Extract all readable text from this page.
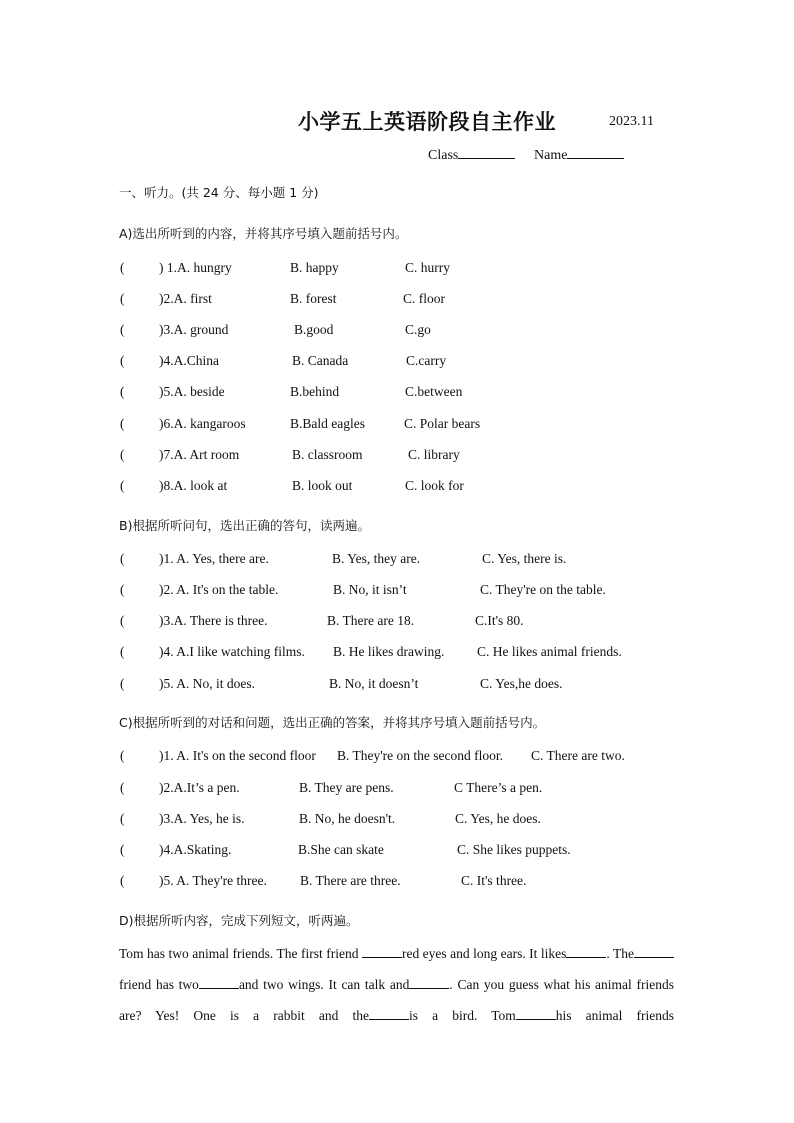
小学五上英语阶段自主作业	2023.11
Class	Name
一、听力。(共 24 分、每小题 1 分)
A)选出所听到的内容，并将其序号填入题前括号内。
(	) 1.A. hungry	B. happy	C. hurry
(	)2.A. first	B. forest	C. floor
(	)3.A. ground	B.good	C.go
(	)4.A.China	B. Canada	C.carry
(	)5.A. beside	B.behind	C.between
(	)6.A. kangaroos	B.Bald eagles	C. Polar bears
(	)7.A. Art room	B. classroom	C. library
(	)8.A. look at	B. look out	C. look for
B)根据所听问句，选出正确的答句，读两遍。
(	)1. A. Yes, there are.	B. Yes, they are.	C. Yes, there is.
(	)2. A. It's on the table.	B. No, it isn’t	C. They're on the table.
(	)3.A. There is three.	B. There are 18.	C.It's 80.
(	)4. A.I like watching films. B. He likes drawing. C. He likes animal friends.
(	)5. A. No, it does.	B. No, it doesn’t	C. Yes,he does.
C)根据所听到的对话和问题，选出正确的答案，并将其序号填入题前括号内。
(	)1. A. It's on the second floor B. They're on the second floor. C. There are two.
(	)2.A.It’s a pen.	B. They are pens.	C There’s a pen.
(	)3.A. Yes, he is.	B. No, he doesn't.	C. Yes, he does.
(	)4.A.Skating.	B.She can skate	C. She likes puppets.
(	)5. A. They're three. B. There are three.	C. It's three.
D)根据所听内容，完成下列短文，听两遍。
Tom has two animal friends. The first friend	red eyes and long ears. It likes	. Thefriend has two	and two wings. It can talk and	. Can you guess what his animal friends are? Yes! One is a rabbit and the	is a bird. Tom	his animal friends
